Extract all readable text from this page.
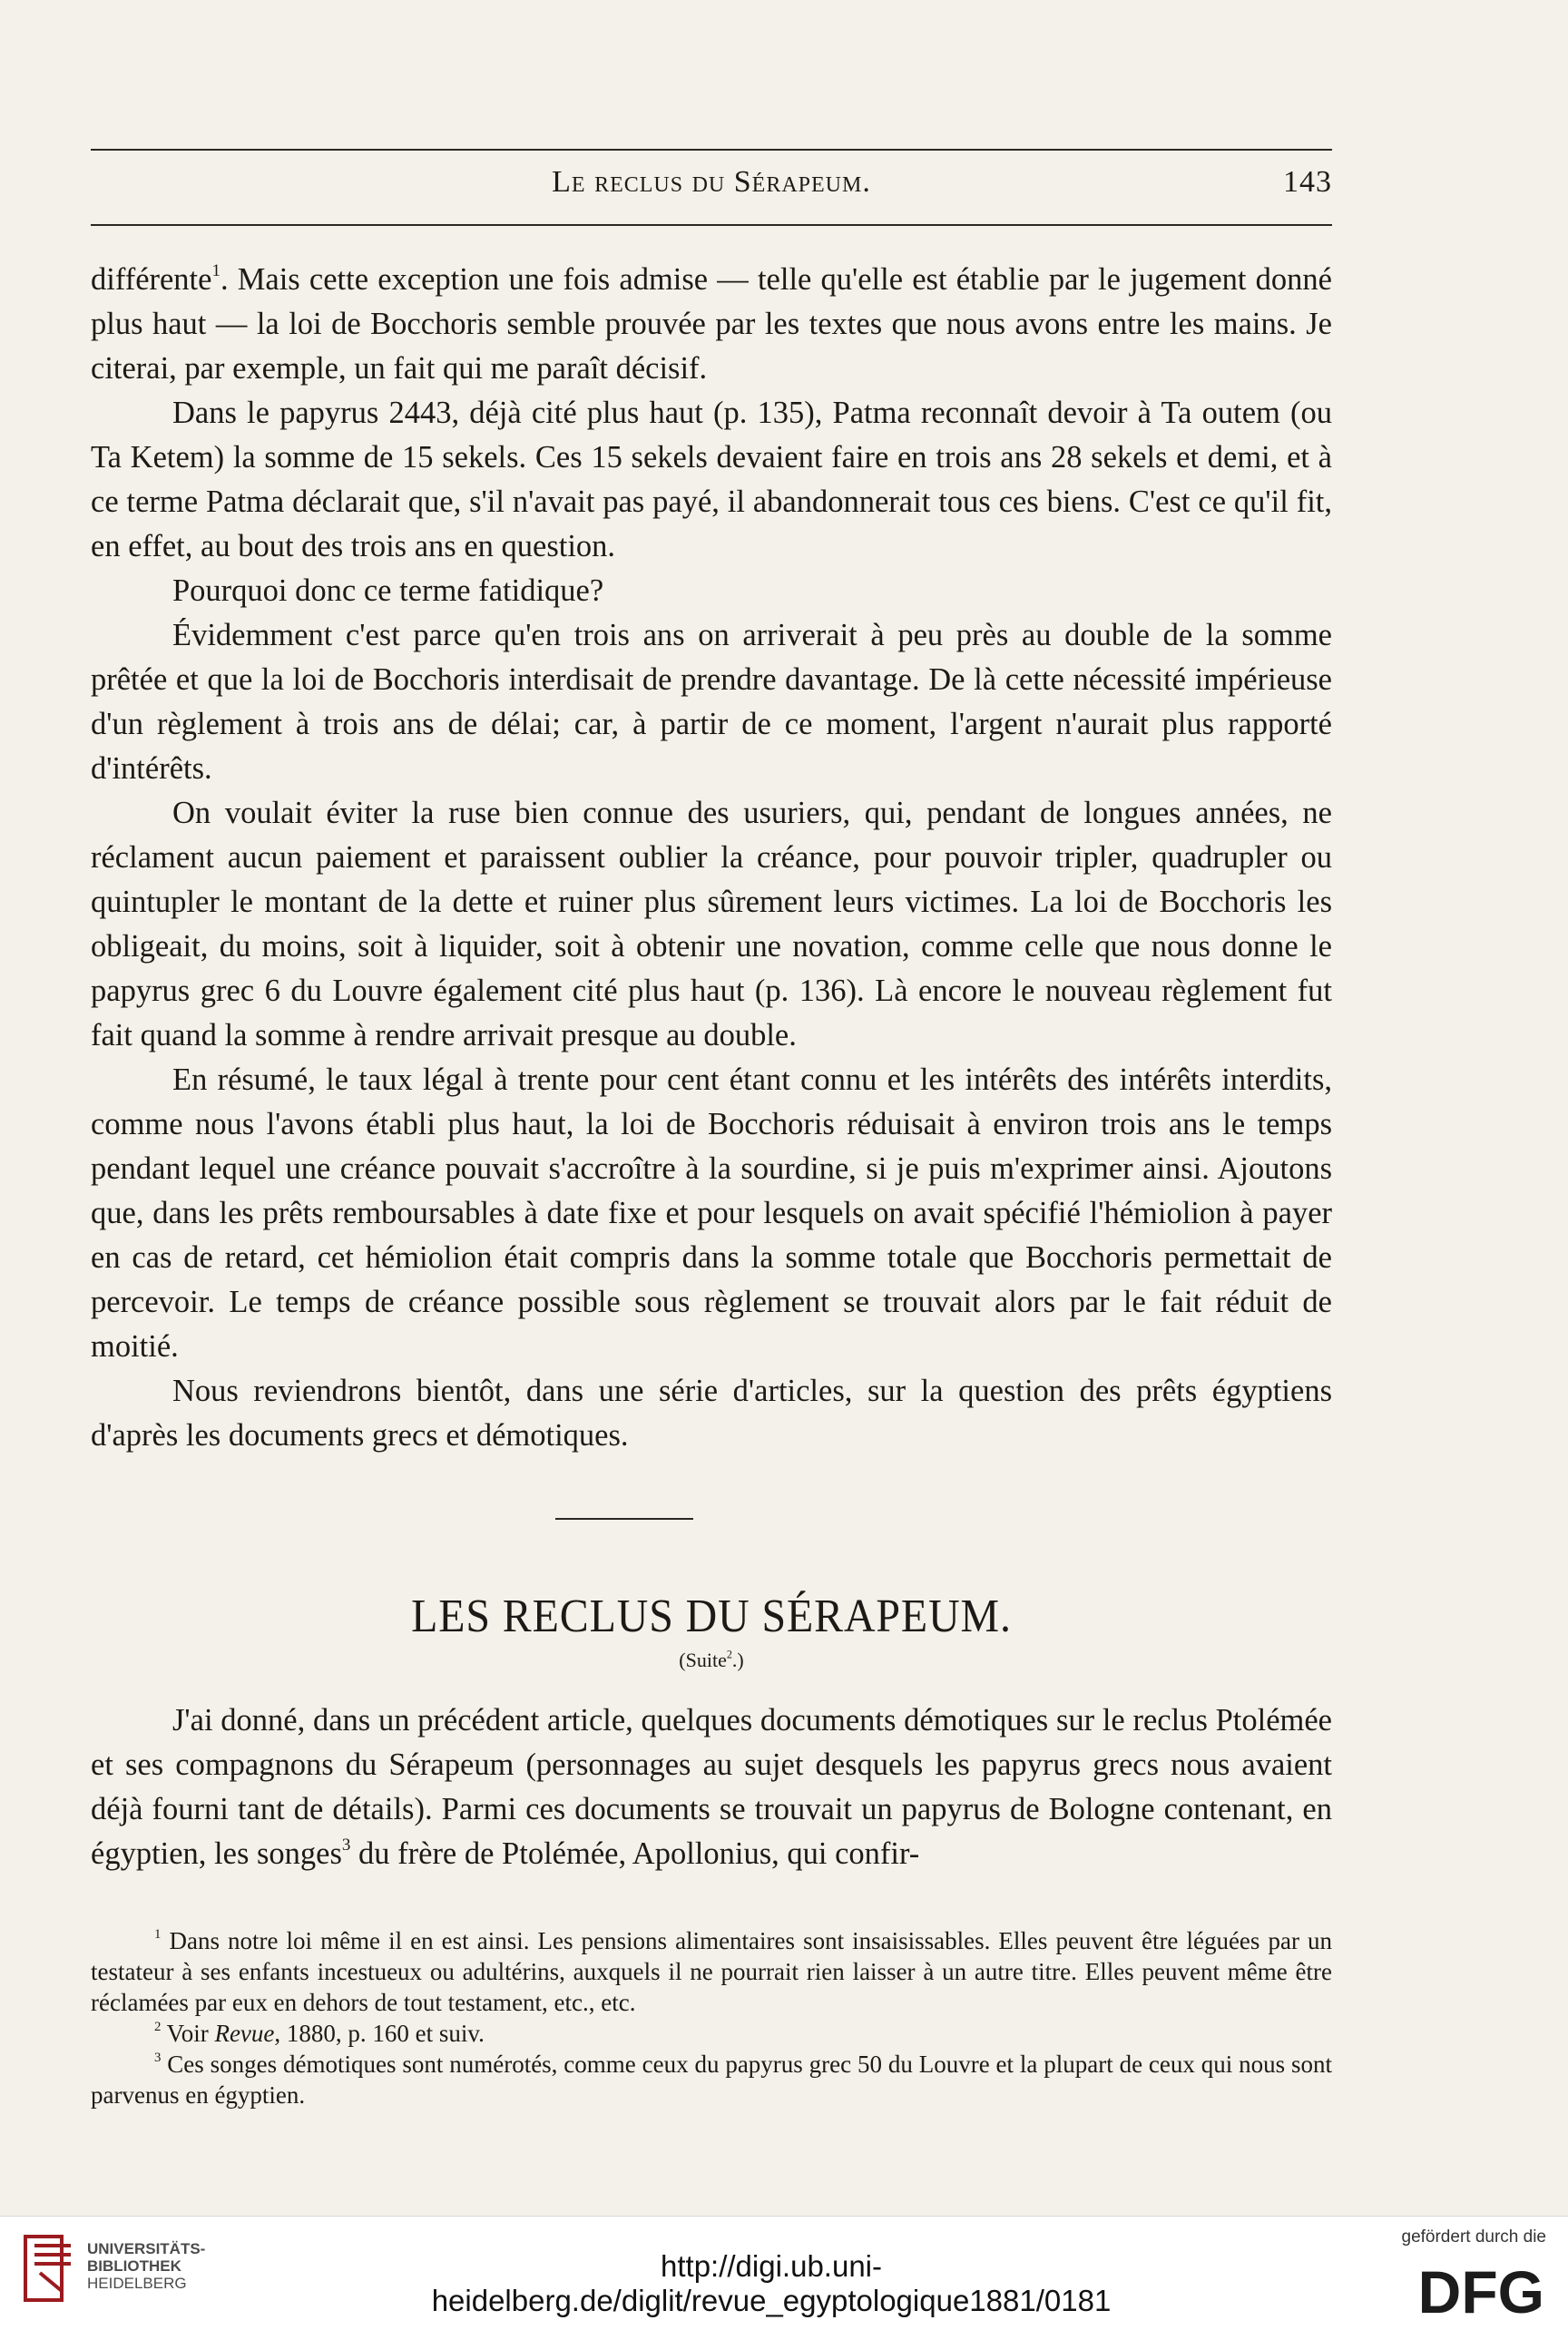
Le reclus du Sérapeum.	143

différente$^1$. Mais cette exception une fois admise — telle qu'elle est établie par le jugement donné plus haut — la loi de Bocchoris semble prouvée par les textes que nous avons entre les mains. Je citerai, par exemple, un fait qui me paraît décisif.

Dans le papyrus 2443, déjà cité plus haut (p. 135), Patma reconnaît devoir à Ta outem (ou Ta Ketem) la somme de 15 sekels. Ces 15 sekels devaient faire en trois ans 28 sekels et demi, et à ce terme Patma déclarait que, s'il n'avait pas payé, il abandonnerait tous ces biens. C'est ce qu'il fit, en effet, au bout des trois ans en question.

Pourquoi donc ce terme fatidique?

Évidemment c'est parce qu'en trois ans on arriverait à peu près au double de la somme prêtée et que la loi de Bocchoris interdisait de prendre davantage. De là cette nécessité impérieuse d'un règlement à trois ans de délai; car, à partir de ce moment, l'argent n'aurait plus rapporté d'intérêts.

On voulait éviter la ruse bien connue des usuriers, qui, pendant de longues années, ne réclament aucun paiement et paraissent oublier la créance, pour pouvoir tripler, quadrupler ou quintupler le montant de la dette et ruiner plus sûrement leurs victimes. La loi de Bocchoris les obligeait, du moins, soit à liquider, soit à obtenir une novation, comme celle que nous donne le papyrus grec 6 du Louvre également cité plus haut (p. 136). Là encore le nouveau règlement fut fait quand la somme à rendre arrivait presque au double.

En résumé, le taux légal à trente pour cent étant connu et les intérêts des intérêts interdits, comme nous l'avons établi plus haut, la loi de Bocchoris réduisait à environ trois ans le temps pendant lequel une créance pouvait s'accroître à la sourdine, si je puis m'exprimer ainsi. Ajoutons que, dans les prêts remboursables à date fixe et pour lesquels on avait spécifié l'hémiolion à payer en cas de retard, cet hémiolion était compris dans la somme totale que Bocchoris permettait de percevoir. Le temps de créance possible sous règlement se trouvait alors par le fait réduit de moitié.

Nous reviendrons bientôt, dans une série d'articles, sur la question des prêts égyptiens d'après les documents grecs et démotiques.

LES RECLUS DU SÉRAPEUM.
(Suite$^2$.)

J'ai donné, dans un précédent article, quelques documents démotiques sur le reclus Ptolémée et ses compagnons du Sérapeum (personnages au sujet desquels les papyrus grecs nous avaient déjà fourni tant de détails). Parmi ces documents se trouvait un papyrus de Bologne contenant, en égyptien, les songes$^3$ du frère de Ptolémée, Apollonius, qui confir-

$^1$ Dans notre loi même il en est ainsi. Les pensions alimentaires sont insaisissables. Elles peuvent être léguées par un testateur à ses enfants incestueux ou adultérins, auxquels il ne pourrait rien laisser à un autre titre. Elles peuvent même être réclamées par eux en dehors de tout testament, etc., etc.

$^2$ Voir Revue, 1880, p. 160 et suiv.

$^3$ Ces songes démotiques sont numérotés, comme ceux du papyrus grec 50 du Louvre et la plupart de ceux qui nous sont parvenus en égyptien.

UNIVERSITÄTS-
BIBLIOTHEK
HEIDELBERG
http://digi.ub.uni-heidelberg.de/diglit/revue_egyptologique1881/0181
gefördert durch die
DFG
